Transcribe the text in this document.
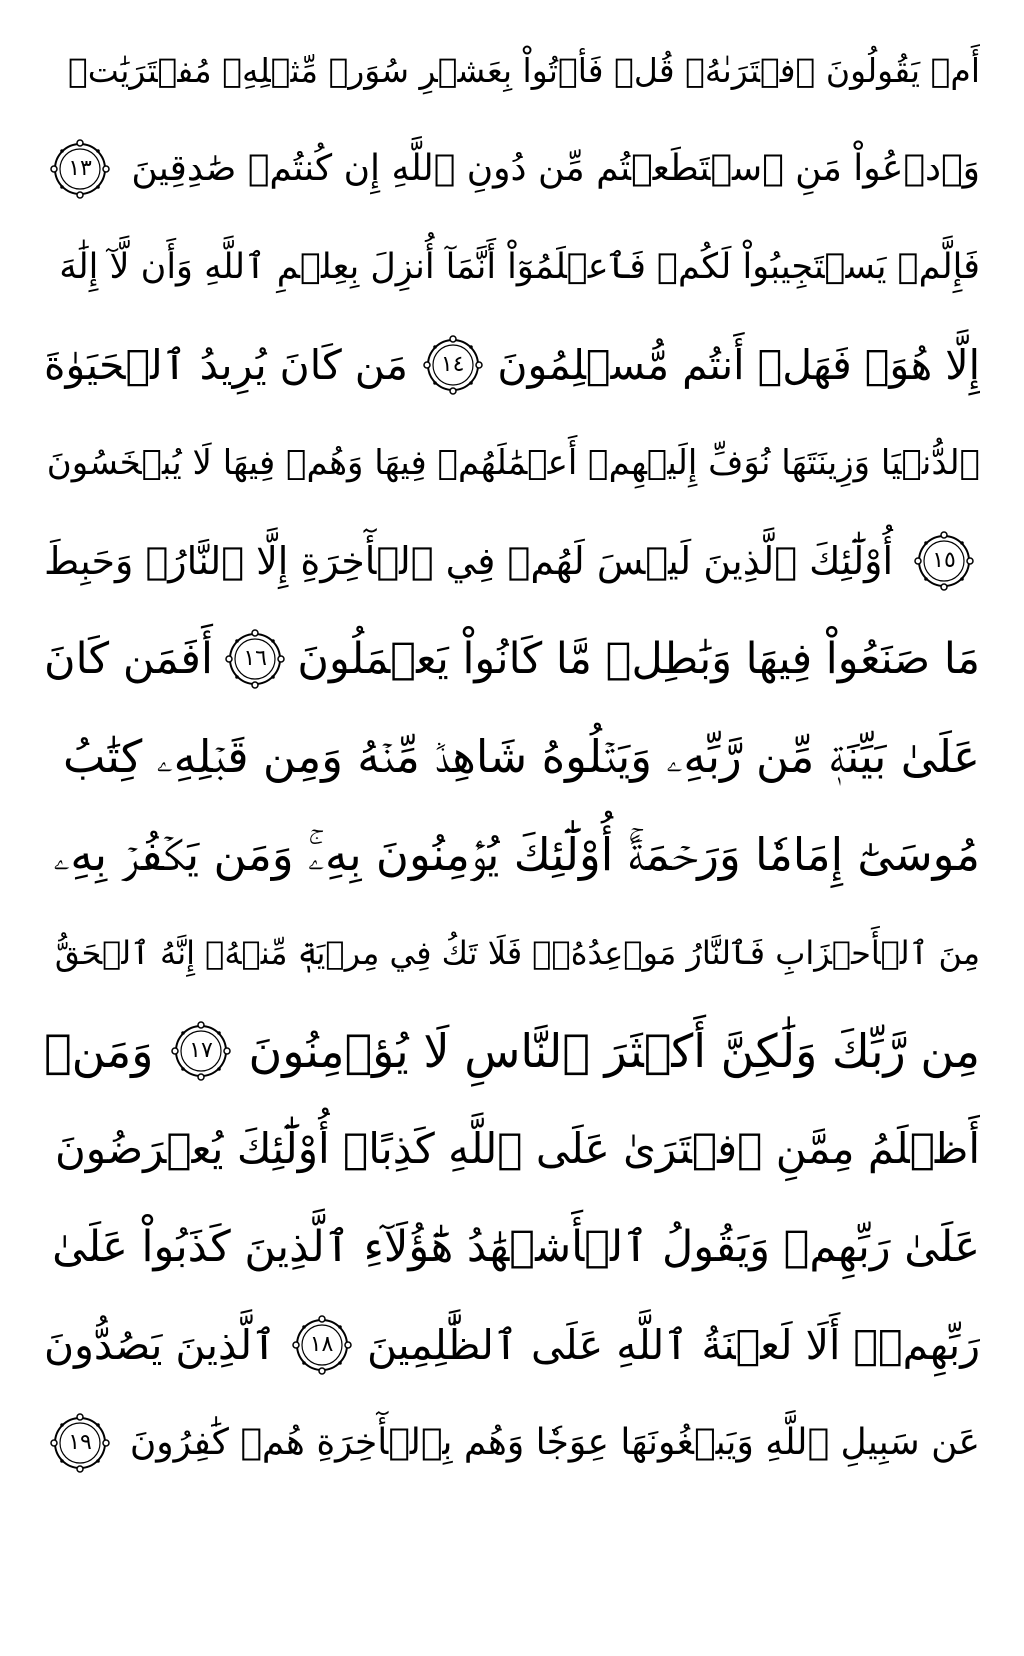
أَمۡ يَقُولُونَ ٱفۡتَرَىٰهُۖ قُلۡ فَأۡتُواْ بِعَشۡرِ سُوَرٖ مِّثۡلِهِۦ مُفۡتَرَيَٰتٖ
وَٱدۡعُواْ مَنِ ٱسۡتَطَعۡتُم مِّن دُونِ ٱللَّهِ إِن كُنتُمۡ صَٰدِقِينَ
١٣
فَإِلَّمۡ يَسۡتَجِيبُواْ لَكُمۡ فَٱعۡلَمُوٓاْ أَنَّمَآ أُنزِلَ بِعِلۡمِ ٱللَّهِ وَأَن لَّآ إِلَٰهَ
إِلَّا هُوَۖ فَهَلۡ أَنتُم مُّسۡلِمُونَ
١٤
مَن كَانَ يُرِيدُ ٱلۡحَيَوٰةَ
ٱلدُّنۡيَا وَزِينَتَهَا نُوَفِّ إِلَيۡهِمۡ أَعۡمَٰلَهُمۡ فِيهَا وَهُمۡ فِيهَا لَا يُبۡخَسُونَ
١٥
أُوْلَٰٓئِكَ ٱلَّذِينَ لَيۡسَ لَهُمۡ فِي ٱلۡأٓخِرَةِ إِلَّا ٱلنَّارُۖ وَحَبِطَ
مَا صَنَعُواْ فِيهَا وَبَٰطِلٞ مَّا كَانُواْ يَعۡمَلُونَ
١٦
أَفَمَن كَانَ
عَلَىٰ بَيِّنَةٖ مِّن رَّبِّهِۦ وَيَتۡلُوهُ شَاهِدٞ مِّنۡهُ وَمِن قَبۡلِهِۦ كِتَٰبُ
مُوسَىٰٓ إِمَامٗا وَرَحۡمَةًۚ أُوْلَٰٓئِكَ يُؤۡمِنُونَ بِهِۦۚ وَمَن يَكۡفُرۡ بِهِۦ
مِنَ ٱلۡأَحۡزَابِ فَٱلنَّارُ مَوۡعِدُهُۥۚ فَلَا تَكُ فِي مِرۡيَةٖ مِّنۡهُۚ إِنَّهُ ٱلۡحَقُّ
مِن رَّبِّكَ وَلَٰكِنَّ أَكۡثَرَ ٱلنَّاسِ لَا يُؤۡمِنُونَ
١٧
وَمَنۡ
أَظۡلَمُ مِمَّنِ ٱفۡتَرَىٰ عَلَى ٱللَّهِ كَذِبًاۚ أُوْلَٰٓئِكَ يُعۡرَضُونَ
عَلَىٰ رَبِّهِمۡ وَيَقُولُ ٱلۡأَشۡهَٰدُ هَٰٓؤُلَآءِ ٱلَّذِينَ كَذَبُواْ عَلَىٰ
رَبِّهِمۡۚ أَلَا لَعۡنَةُ ٱللَّهِ عَلَى ٱلظَّٰلِمِينَ
١٨
ٱلَّذِينَ يَصُدُّونَ
عَن سَبِيلِ ٱللَّهِ وَيَبۡغُونَهَا عِوَجٗا وَهُم بِٱلۡأٓخِرَةِ هُمۡ كَٰفِرُونَ
١٩
